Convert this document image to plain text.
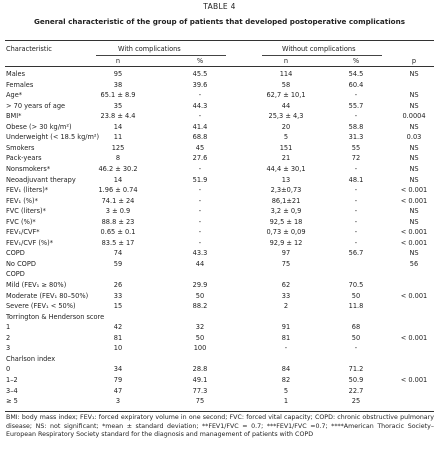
TABLE 4
General characteristic of the group of patients that developed postoperative complications
Characteristic	With complications	Without complications
n	%	n	%	p
Males	95	45.5	114	54.5	NS
Females	38	39.6	58	60.4
Age*	65.1 ± 8.9	-	62,7 ± 10,1	-	NS
> 70 years of age	35	44.3	44	55.7	NS
BMI*	23.8 ± 4.4	-	25,3 ± 4,3	-	0.0004
Obese (> 30 kg/m²)	14	41.4	20	58.8	NS
Underweight (< 18.5 kg/m²)	11	68.8	5	31.3	0.03
Smokers	125	45	151	55	NS
Pack-years	8	27.6	21	72	NS
Nonsmokers*	46.2 ± 30.2	-	44,4 ± 30,1	-	NS
Neoadjuvant therapy	14	51.9	13	48.1	NS
FEV₁ (liters)*	1.96 ± 0.74	-	2,3±0,73	-	< 0.001
FEV₁ (%)*	74.1 ± 24	-	86,1±21	-	< 0.001
FVC (liters)*	3 ± 0.9	-	3,2 ± 0,9	-	NS
FVC (%)*	88.8 ± 23	-	92,5 ± 18	-	NS
FEV₁/CVF*	0.65 ± 0.1	-	0,73 ± 0,09	-	< 0.001
FEV₁/CVF (%)*	83.5 ± 17	-	92,9 ± 12	-	< 0.001
COPD	74	43.3	97	56.7	NS
No COPD	59	44	75	56
COPD
Mild (FEV₁ ≥ 80%)	26	29.9	62	70.5
Moderate (FEV₁ 80–50%)	33	50	33	50	< 0.001
Severe (FEV₁ < 50%)	15	88.2	2	11.8
Torrington & Henderson score
1	42	32	91	68
2	81	50	81	50	< 0.001
3	10	100	-	-
Charlson index
0	34	28.8	84	71.2
1–2	79	49.1	82	50.9	< 0.001
3–4	47	77.3	5	22.7
≥ 5	3	75	1	25
BMI: body mass index; FEV₁: forced expiratory volume in one second; FVC: forced vital capacity; COPD: chronic obstructive pulmonary disease; NS: not significant; *mean ± standard deviation; **FEV1/FVC = 0.7; ***FEV1/FVC =0.7; ****American Thoracic Society–European Respiratory Society standard for the diagnosis and management of patients with COPD
